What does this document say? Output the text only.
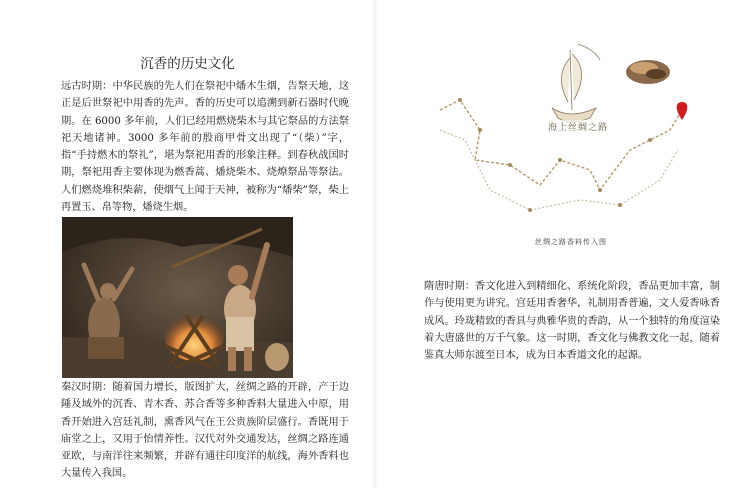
沉香的历史文化

远古时期：中华民族的先人们在祭祀中燔木生烟，告祭天地，这正是后世祭祀中用香的先声。香的历史可以追溯到新石器时代晚期。在 6000 多年前，人们已经用燃烧柴木与其它祭品的方法祭祀天地诸神。3000 多年前的殷商甲骨文出现了“（柴）”字，指“手持燃木的祭礼”，堪为祭祀用香的形象注释。到春秋战国时期，祭祀用香主要体现为燃香蒿、燔烧柴木、烧燎祭品等祭法。人们燃烧堆积柴薪，使烟气上闻于天神，被称为“燔柴”祭，柴上再置玉、帛等物，燔烧生烟。

秦汉时期：随着国力增长，版图扩大，丝绸之路的开辟，产于边陲及域外的沉香、青木香、苏合香等多种香料大量进入中原，用香开始进入宫廷礼制，熏香风气在王公贵族阶层盛行。香既用于庙堂之上，又用于怡情养性。汉代对外交通发达，丝绸之路连通亚欧，与南洋往来频繁，并辟有通往印度洋的航线，海外香料也大量传入我国。

海上丝绸之路
丝绸之路香料传入图

隋唐时期：香文化进入到精细化、系统化阶段，香品更加丰富，制作与使用更为讲究。宫廷用香奢华，礼制用香普遍，文人爱香咏香成风。玲珑精致的香具与典雅华贵的香韵，从一个独特的角度渲染着大唐盛世的万千气象。这一时期，香文化与佛教文化一起，随着鉴真大师东渡至日本，成为日本香道文化的起源。
